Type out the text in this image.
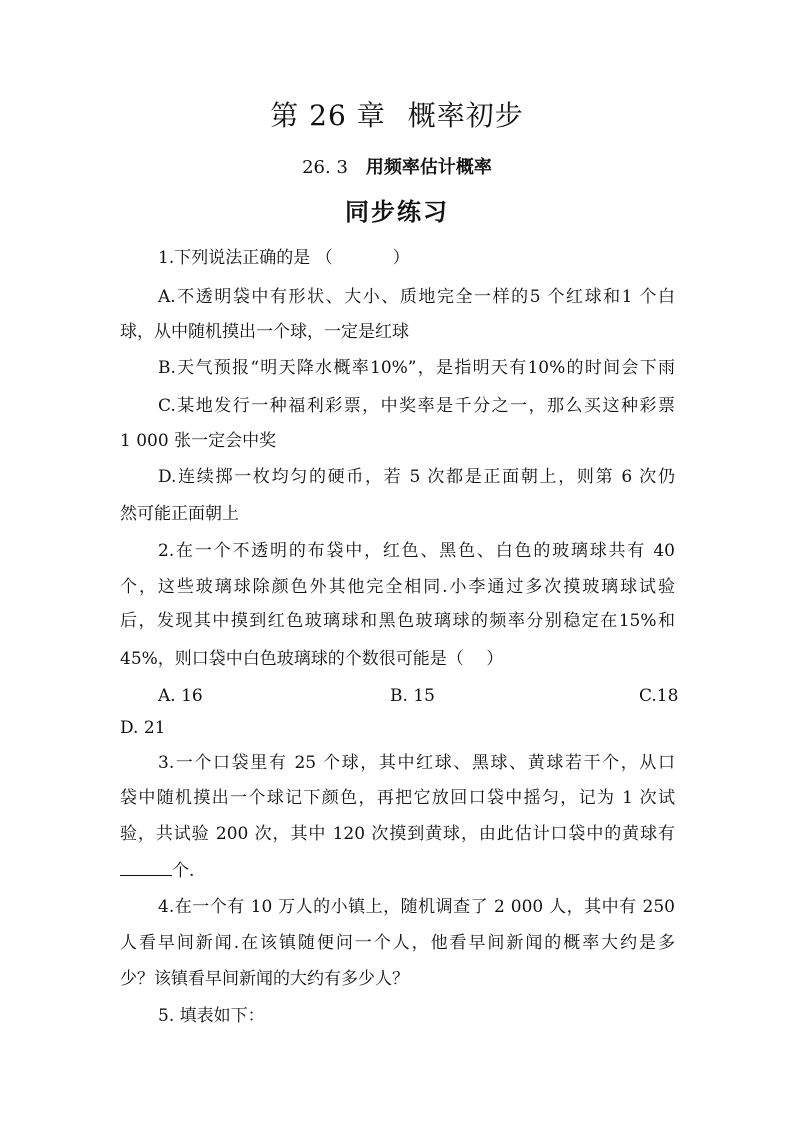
第 26 章 概率初步
26. 3 用频率估计概率
同步练习
1.下列说法正确的是 （	）
A.不透明袋中有形状、大小、质地完全一样的5 个红球和1 个白
球，从中随机摸出一个球，一定是红球
B.天气预报“明天降水概率10%”，是指明天有10%的时间会下雨
C.某地发行一种福利彩票，中奖率是千分之一，那么买这种彩票
1 000 张一定会中奖
D.连续掷一枚均匀的硬币，若 5 次都是正面朝上，则第 6 次仍
然可能正面朝上
2.在一个不透明的布袋中，红色、黑色、白色的玻璃球共有 40
个，这些玻璃球除颜色外其他完全相同.小李通过多次摸玻璃球试验
后，发现其中摸到红色玻璃球和黑色玻璃球的频率分别稳定在15%和
45%，则口袋中白色玻璃球的个数很可能是（　 ）
A. 16	B. 15	C.18
D. 21
3.一个口袋里有 25 个球，其中红球、黑球、黄球若干个，从口
袋中随机摸出一个球记下颜色，再把它放回口袋中摇匀，记为 1 次试
验，共试验 200 次，其中 120 次摸到黄球，由此估计口袋中的黄球有
个.
4.在一个有 10 万人的小镇上，随机调查了 2 000 人，其中有 250
人看早间新闻.在该镇随便问一个人，他看早间新闻的概率大约是多
少？该镇看早间新闻的大约有多少人？
5. 填表如下：
